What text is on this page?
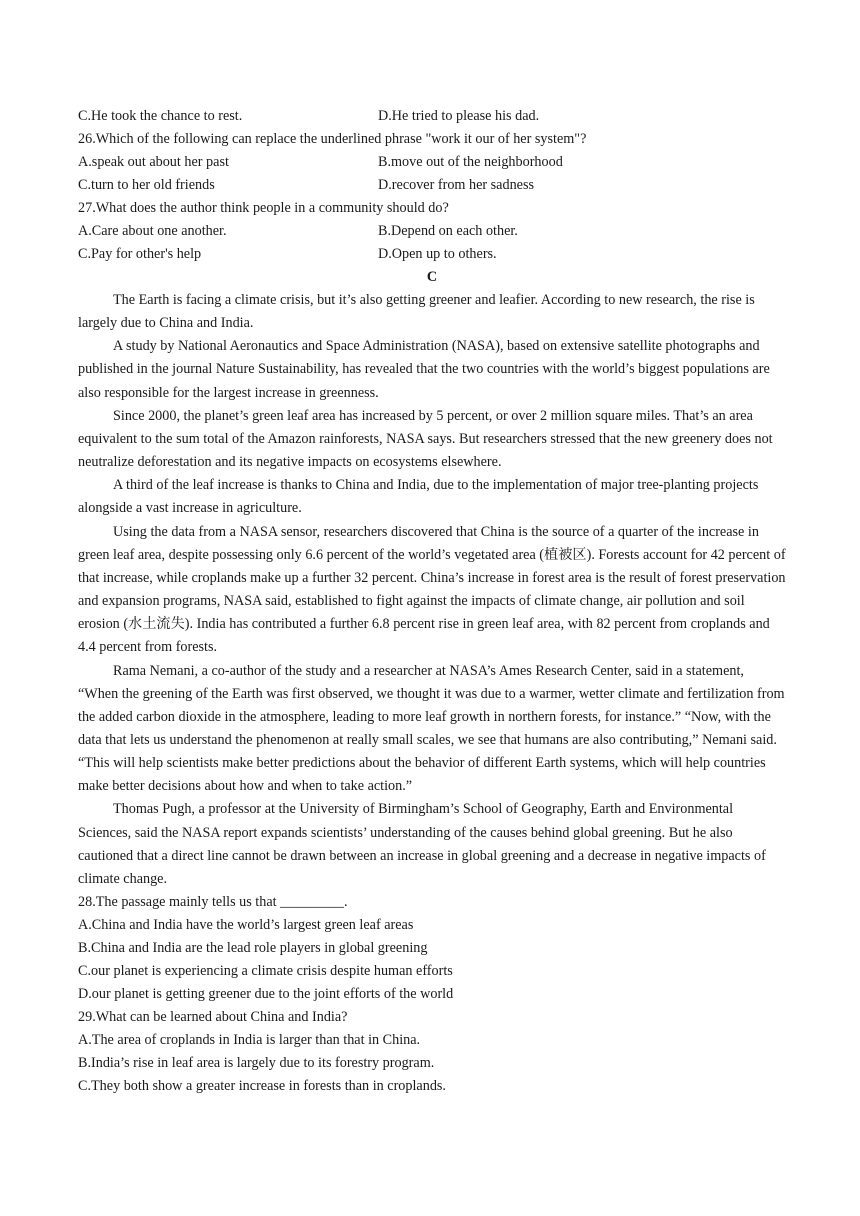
C.He took the chance to rest.	D.He tried to please his dad.
26.Which of the following can replace the underlined phrase "work it our of her system"?
A.speak out about her past	B.move out of the neighborhood
C.turn to her old friends	D.recover from her sadness
27.What does the author think people in a community should do?
A.Care about one another.	B.Depend on each other.
C.Pay for other's help	D.Open up to others.
C

The Earth is facing a climate crisis, but it’s also getting greener and leafier. According to new research, the rise is largely due to China and India.

A study by National Aeronautics and Space Administration (NASA), based on extensive satellite photographs and published in the journal Nature Sustainability, has revealed that the two countries with the world’s biggest populations are also responsible for the largest increase in greenness.

Since 2000, the planet’s green leaf area has increased by 5 percent, or over 2 million square miles. That’s an area equivalent to the sum total of the Amazon rainforests, NASA says. But researchers stressed that the new greenery does not neutralize deforestation and its negative impacts on ecosystems elsewhere.

A third of the leaf increase is thanks to China and India, due to the implementation of major tree-planting projects alongside a vast increase in agriculture.

Using the data from a NASA sensor, researchers discovered that China is the source of a quarter of the increase in green leaf area, despite possessing only 6.6 percent of the world’s vegetated area (植被区). Forests account for 42 percent of that increase, while croplands make up a further 32 percent. China’s increase in forest area is the result of forest preservation and expansion programs, NASA said, established to fight against the impacts of climate change, air pollution and soil erosion (水土流失). India has contributed a further 6.8 percent rise in green leaf area, with 82 percent from croplands and 4.4 percent from forests.

Rama Nemani, a co-author of the study and a researcher at NASA’s Ames Research Center, said in a statement, “When the greening of the Earth was first observed, we thought it was due to a warmer, wetter climate and fertilization from the added carbon dioxide in the atmosphere, leading to more leaf growth in northern forests, for instance.” “Now, with the data that lets us understand the phenomenon at really small scales, we see that humans are also contributing,” Nemani said. “This will help scientists make better predictions about the behavior of different Earth systems, which will help countries make better decisions about how and when to take action.”

Thomas Pugh, a professor at the University of Birmingham’s School of Geography, Earth and Environmental Sciences, said the NASA report expands scientists’ understanding of the causes behind global greening. But he also cautioned that a direct line cannot be drawn between an increase in global greening and a decrease in negative impacts of climate change.

28.The passage mainly tells us that _________.
A.China and India have the world’s largest green leaf areas
B.China and India are the lead role players in global greening
C.our planet is experiencing a climate crisis despite human efforts
D.our planet is getting greener due to the joint efforts of the world
29.What can be learned about China and India?
A.The area of croplands in India is larger than that in China.
B.India’s rise in leaf area is largely due to its forestry program.
C.They both show a greater increase in forests than in croplands.
